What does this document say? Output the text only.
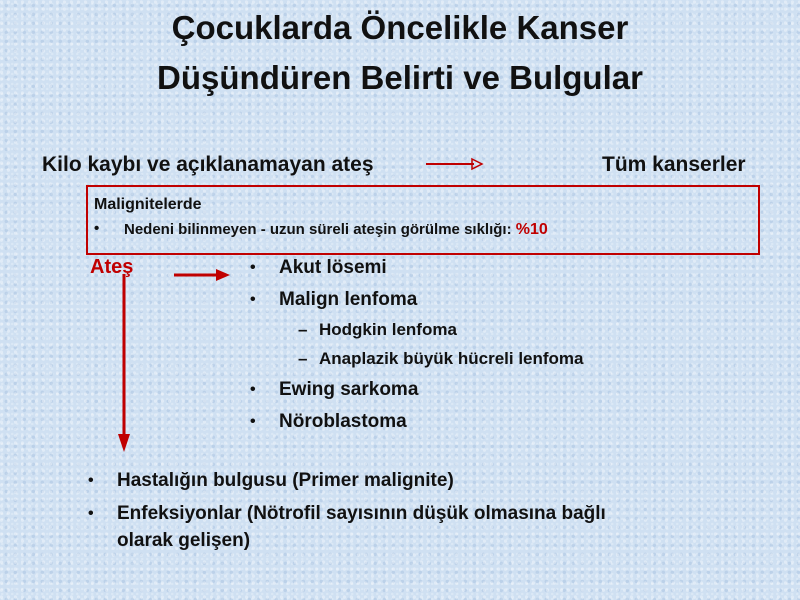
Çocuklarda Öncelikle Kanser
Düşündüren Belirti ve Bulgular
Kilo kaybı ve açıklanamayan ateş	Tüm kanserler
Malignitelerde
• Nedeni bilinmeyen - uzun süreli ateşin görülme sıklığı: %10
Ateş	• Akut lösemi
• Malign lenfoma
– Hodgkin lenfoma
– Anaplazik büyük hücreli lenfoma
• Ewing sarkoma
• Nöroblastoma
• Hastalığın bulgusu (Primer malignite)
• Enfeksiyonlar (Nötrofil sayısının düşük olmasına bağlı
olarak gelişen)
